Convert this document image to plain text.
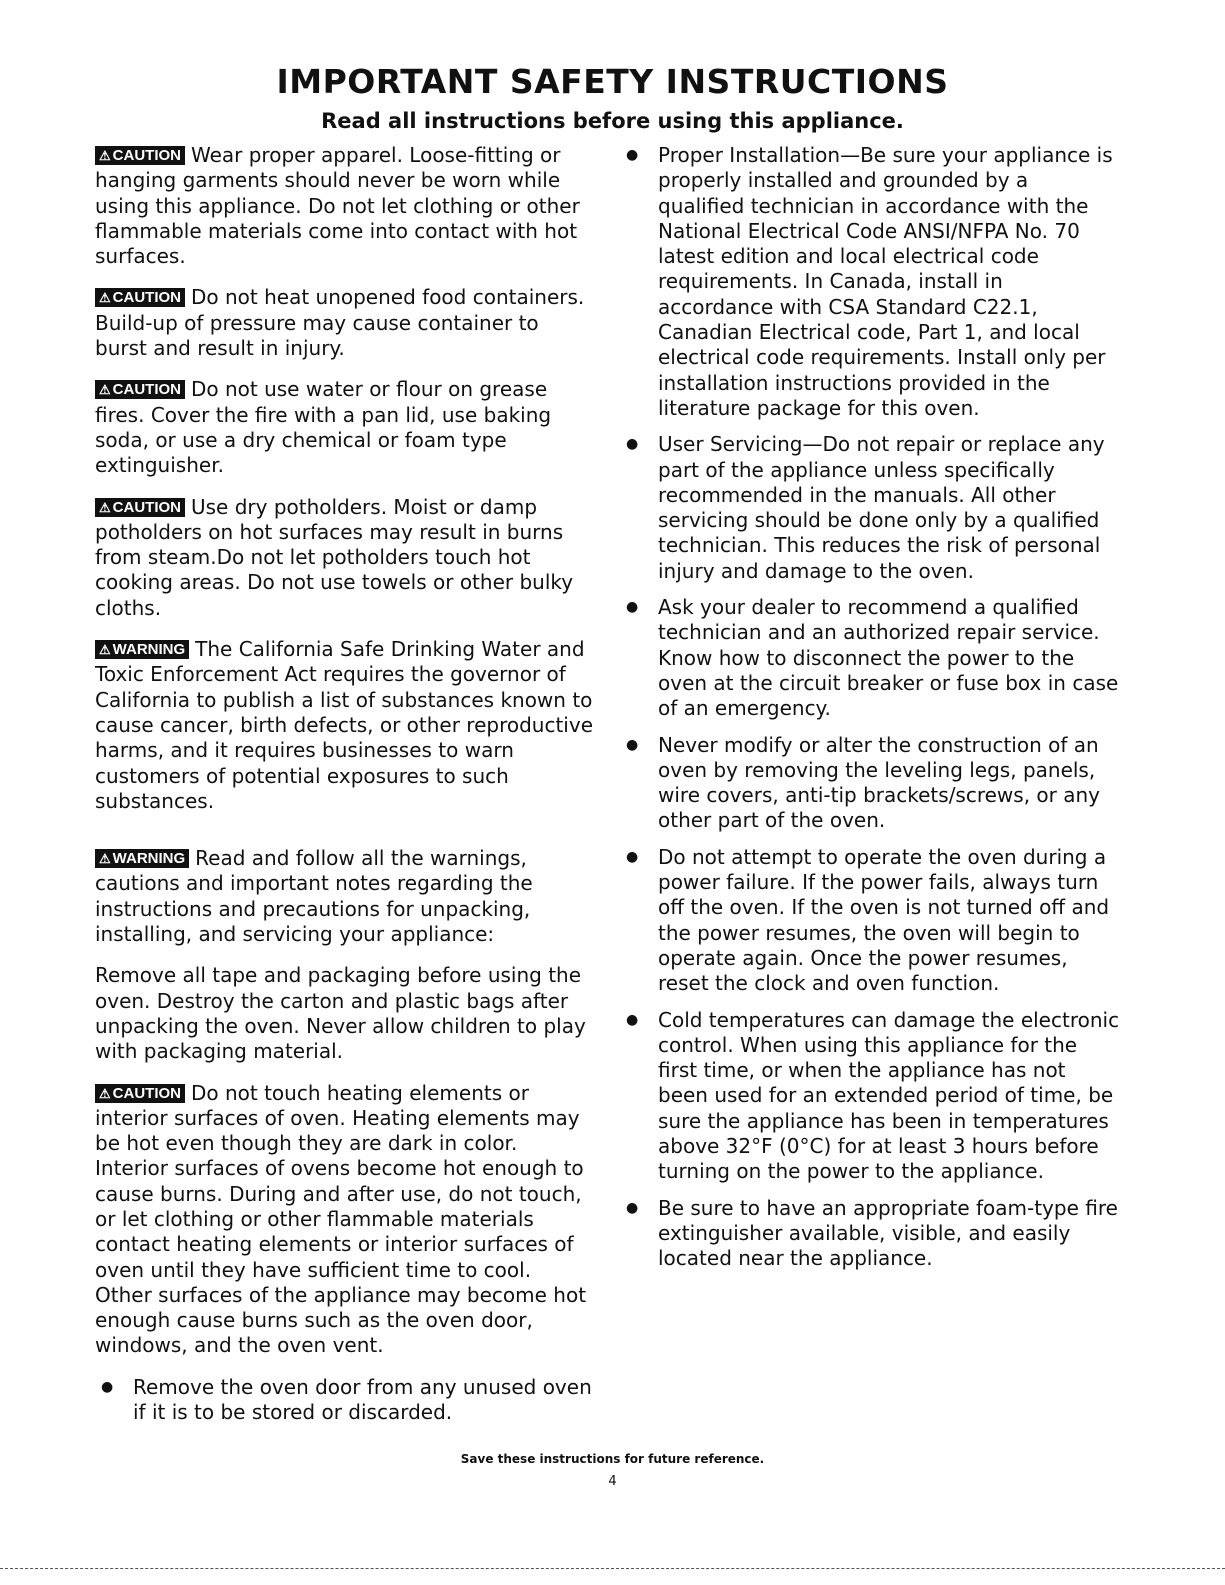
IMPORTANT SAFETY INSTRUCTIONS
Read all instructions before using this appliance.

⚠ CAUTION Wear proper apparel. Loose-fitting or hanging garments should never be worn while using this appliance. Do not let clothing or other flammable materials come into contact with hot surfaces.

⚠ CAUTION Do not heat unopened food containers. Build-up of pressure may cause container to burst and result in injury.

⚠ CAUTION Do not use water or flour on grease fires. Cover the fire with a pan lid, use baking soda, or use a dry chemical or foam type extinguisher.

⚠ CAUTION Use dry potholders. Moist or damp potholders on hot surfaces may result in burns from steam.Do not let potholders touch hot cooking areas. Do not use towels or other bulky cloths.

⚠ WARNING The California Safe Drinking Water and Toxic Enforcement Act requires the governor of California to publish a list of substances known to cause cancer, birth defects, or other reproductive harms, and it requires businesses to warn customers of potential exposures to such substances.

⚠ WARNING Read and follow all the warnings, cautions and important notes regarding the instructions and precautions for unpacking, installing, and servicing your appliance:

Remove all tape and packaging before using the oven. Destroy the carton and plastic bags after unpacking the oven. Never allow children to play with packaging material.

⚠ CAUTION Do not touch heating elements or interior surfaces of oven. Heating elements may be hot even though they are dark in color. Interior surfaces of ovens become hot enough to cause burns. During and after use, do not touch, or let clothing or other flammable materials contact heating elements or interior surfaces of oven until they have sufficient time to cool. Other surfaces of the appliance may become hot enough cause burns such as the oven door, windows, and the oven vent.

● Remove the oven door from any unused oven if it is to be stored or discarded.
● Proper Installation—Be sure your appliance is properly installed and grounded by a qualified technician in accordance with the National Electrical Code ANSI/NFPA No. 70 latest edition and local electrical code requirements. In Canada, install in accordance with CSA Standard C22.1, Canadian Electrical code, Part 1, and local electrical code requirements. Install only per installation instructions provided in the literature package for this oven.
● User Servicing—Do not repair or replace any part of the appliance unless specifically recommended in the manuals. All other servicing should be done only by a qualified technician. This reduces the risk of personal injury and damage to the oven.
● Ask your dealer to recommend a qualified technician and an authorized repair service. Know how to disconnect the power to the oven at the circuit breaker or fuse box in case of an emergency.
● Never modify or alter the construction of an oven by removing the leveling legs, panels, wire covers, anti-tip brackets/screws, or any other part of the oven.
● Do not attempt to operate the oven during a power failure. If the power fails, always turn off the oven. If the oven is not turned off and the power resumes, the oven will begin to operate again. Once the power resumes, reset the clock and oven function.
● Cold temperatures can damage the electronic control. When using this appliance for the first time, or when the appliance has not been used for an extended period of time, be sure the appliance has been in temperatures above 32°F (0°C) for at least 3 hours before turning on the power to the appliance.
● Be sure to have an appropriate foam-type fire extinguisher available, visible, and easily located near the appliance.
Save these instructions for future reference.
4
